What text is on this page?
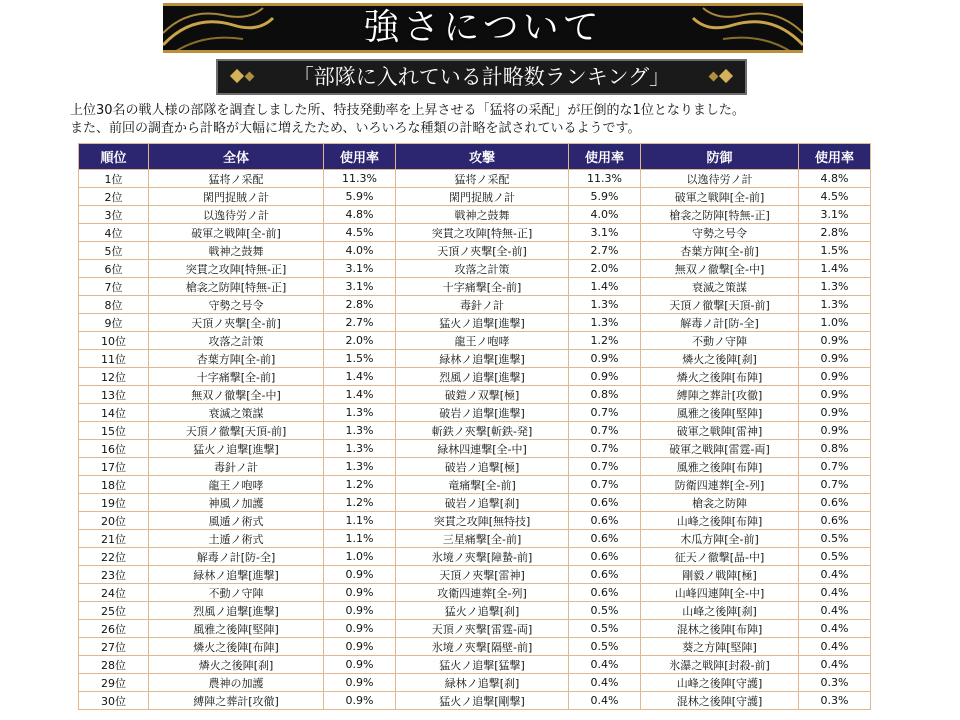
強さについて
「部隊に入れている計略数ランキング」
上位30名の戦人様の部隊を調査しました所、特技発動率を上昇させる「猛将の采配」が圧倒的な1位となりました。
また、前回の調査から計略が大幅に増えたため、いろいろな種類の計略を試されているようです。
順位	全体	使用率	攻撃	使用率	防御	使用率
1位	猛将ノ采配	11.3%	猛将ノ采配	11.3%	以逸待労ノ計	4.8%
2位	閑門捉賊ノ計	5.9%	閑門捉賊ノ計	5.9%	破軍之戦陣[全-前]	4.5%
3位	以逸待労ノ計	4.8%	戦神之鼓舞	4.0%	槍衾之防陣[特無-正]	3.1%
4位	破軍之戦陣[全-前]	4.5%	突貫之攻陣[特無-正]	3.1%	守勢之号令	2.8%
5位	戦神之鼓舞	4.0%	天頂ノ夾撃[全-前]	2.7%	杏葉方陣[全-前]	1.5%
6位	突貫之攻陣[特無-正]	3.1%	攻落之計策	2.0%	無双ノ徹撃[全-中]	1.4%
7位	槍衾之防陣[特無-正]	3.1%	十字痛撃[全-前]	1.4%	衰滅之策謀	1.3%
8位	守勢之号令	2.8%	毒針ノ計	1.3%	天頂ノ徹撃[天頂-前]	1.3%
9位	天頂ノ夾撃[全-前]	2.7%	猛火ノ追撃[進撃]	1.3%	解毒ノ計[防-全]	1.0%
10位	攻落之計策	2.0%	龍王ノ咆哮	1.2%	不動ノ守陣	0.9%
11位	杏葉方陣[全-前]	1.5%	緑林ノ追撃[進撃]	0.9%	燐火之後陣[刹]	0.9%
12位	十字痛撃[全-前]	1.4%	烈風ノ追撃[進撃]	0.9%	燐火之後陣[布陣]	0.9%
13位	無双ノ徹撃[全-中]	1.4%	破鎧ノ双撃[極]	0.8%	縛陣之葬計[攻徹]	0.9%
14位	衰滅之策謀	1.3%	破岩ノ追撃[進撃]	0.7%	風雅之後陣[堅陣]	0.9%
15位	天頂ノ徹撃[天頂-前]	1.3%	斬鉄ノ夾撃[斬鉄-発]	0.7%	破軍之戦陣[雷神]	0.9%
16位	猛火ノ追撃[進撃]	1.3%	緑林四連撃[全-中]	0.7%	破軍之戦陣[雷霆-両]	0.8%
17位	毒針ノ計	1.3%	破岩ノ追撃[極]	0.7%	風雅之後陣[布陣]	0.7%
18位	龍王ノ咆哮	1.2%	竜痛撃[全-前]	0.7%	防衛四連葬[全-列]	0.7%
19位	神風ノ加護	1.2%	破岩ノ追撃[刹]	0.6%	槍衾之防陣	0.6%
20位	風遁ノ術式	1.1%	突貫之攻陣[無特技]	0.6%	山峰之後陣[布陣]	0.6%
21位	土遁ノ術式	1.1%	三星痛撃[全-前]	0.6%	木瓜方陣[全-前]	0.5%
22位	解毒ノ計[防-全]	1.0%	氷境ノ夾撃[障蟄-前]	0.6%	征天ノ徹撃[晶-中]	0.5%
23位	緑林ノ追撃[進撃]	0.9%	天頂ノ夾撃[雷神]	0.6%	剛毅ノ戦陣[極]	0.4%
24位	不動ノ守陣	0.9%	攻衛四連葬[全-列]	0.6%	山峰四連陣[全-中]	0.4%
25位	烈風ノ追撃[進撃]	0.9%	猛火ノ追撃[刹]	0.5%	山峰之後陣[刹]	0.4%
26位	風雅之後陣[堅陣]	0.9%	天頂ノ夾撃[雷霆-両]	0.5%	混林之後陣[布陣]	0.4%
27位	燐火之後陣[布陣]	0.9%	氷境ノ夾撃[隔壁-前]	0.5%	葵之方陣[堅陣]	0.4%
28位	燐火之後陣[刹]	0.9%	猛火ノ追撃[猛撃]	0.4%	氷瀑之戦陣[封殺-前]	0.4%
29位	農神の加護	0.9%	緑林ノ追撃[刹]	0.4%	山峰之後陣[守護]	0.3%
30位	縛陣之葬計[攻徹]	0.9%	猛火ノ追撃[剛撃]	0.4%	混林之後陣[守護]	0.3%
